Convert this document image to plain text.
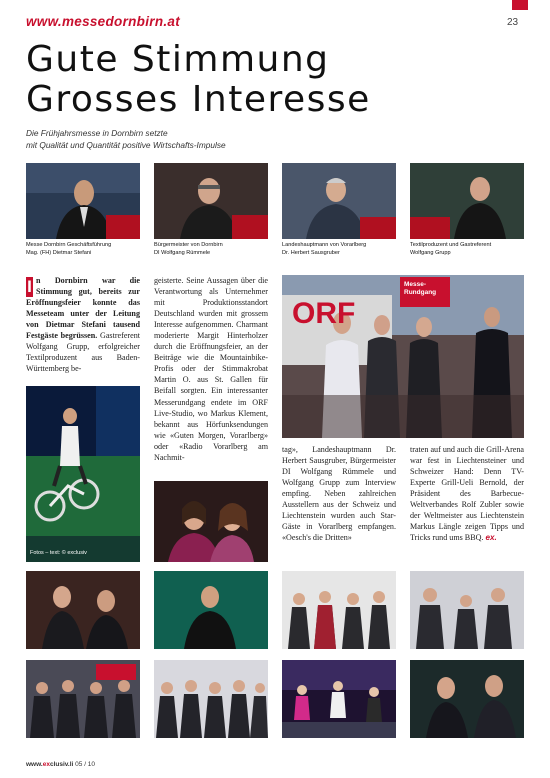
www.messedornbirn.at	23
Gute Stimmung
Grosses Interesse
Die Frühjahrsmesse in Dornbirn setzte
mit Qualität und Quantität positive Wirtschafts-Impulse
Messe Dornbirn Geschäftsführung
Mag. (FH) Dietmar Stefani
Bürgermeister von Dornbirn
DI Wolfgang Rümmele
Landeshauptmann von Vorarlberg
Dr. Herbert Sausgruber
Textilproduzent und Gastreferent
Wolfgang Grupp

I n Dornbirn war die Stimmung gut, bereits zur Eröffnungsfeier konnte das Messeteam unter der Leitung von Dietmar Stefani tausend Festgäste begrüssen. Gastreferent Wolfgang Grupp, erfolgreicher Textilproduzent aus Baden-Württemberg be-

geisterte. Seine Aussagen über die Verantwortung als Unternehmer mit Produktionsstandort Deutschland wurden mit grossem Interesse aufgenommen. Charmant moderierte Margit Hinterholzer durch die Eröffnungsfeier, an der Beiträge wie die Mountainbike-Profis oder der Stimmakrobat Martin O. aus St. Gallen für Beifall sorgten. Ein interessanter Messerundgang endete im ORF Live-Studio, wo Markus Klement, bekannt aus Hörfunksendungen wie «Guten Morgen, Vorarlberg» oder «Radio Vorarlberg am Nachmit-

tag», Landeshauptmann Dr. Herbert Sausgruber, Bürgermeister DI Wolfgang Rümmele und Wolfgang Grupp zum Interview empfing. Neben zahlreichen Ausstellern aus der Schweiz und Liechtenstein wurden auch Star-Gäste in Vorarlberg empfangen. «Oesch's die Dritten»

traten auf und auch die Grill-Arena war fest in Liechtensteiner und Schweizer Hand: Denn TV-Experte Grill-Ueli Bernold, der Präsident des Barbecue-Weltverbandes Rolf Zubler sowie der Weltmeister aus Liechtenstein Markus Längle zeigen Tipps und Tricks rund ums BBQ. ex.

Messe-
Rundgang
ORF
Fotos – text: © exclusiv
www.exclusiv.li 05 / 10
